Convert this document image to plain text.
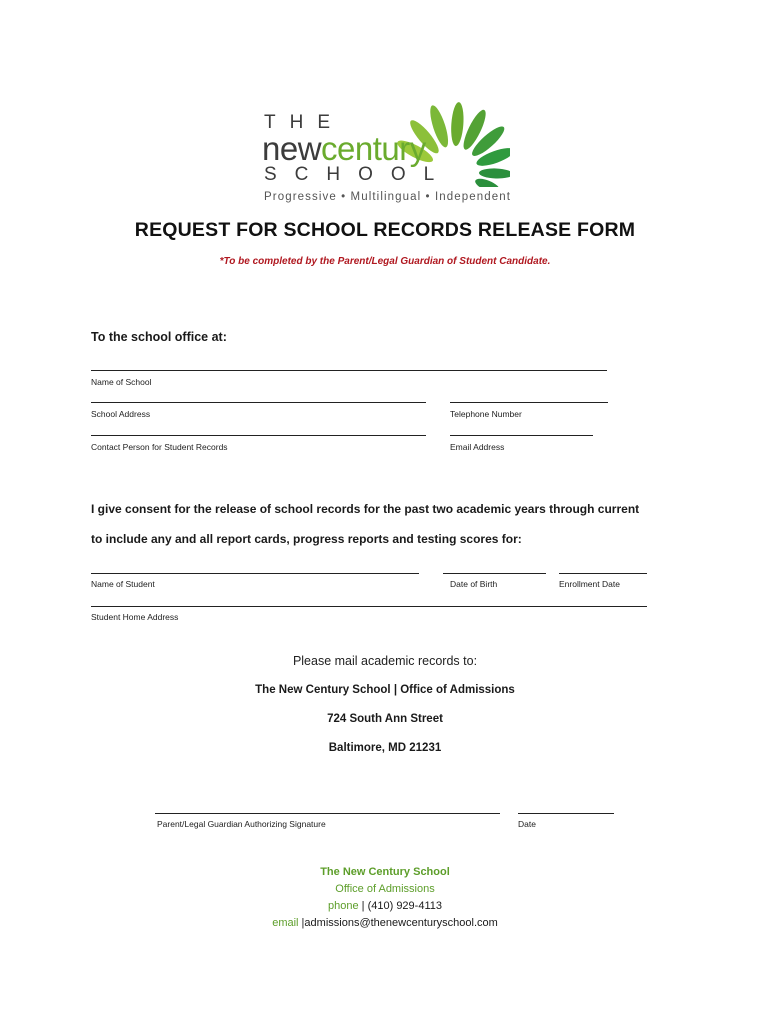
THE
newcentury
SCHOOL
Progressive • Multilingual • Independent
REQUEST FOR SCHOOL RECORDS RELEASE FORM
*To be completed by the Parent/Legal Guardian of Student Candidate.
To the school office at:
Name of School
School Address	Telephone Number
Contact Person for Student Records	Email Address
I give consent for the release of school records for the past two academic years through current
to include any and all report cards, progress reports and testing scores for:
Name of Student	Date of Birth	Enrollment Date
Student Home Address
Please mail academic records to:
The New Century School | Office of Admissions
724 South Ann Street
Baltimore, MD 21231
Parent/Legal Guardian Authorizing Signature	Date
The New Century School
Office of Admissions
phone | (410) 929-4113
email |admissions@thenewcenturyschool.com
